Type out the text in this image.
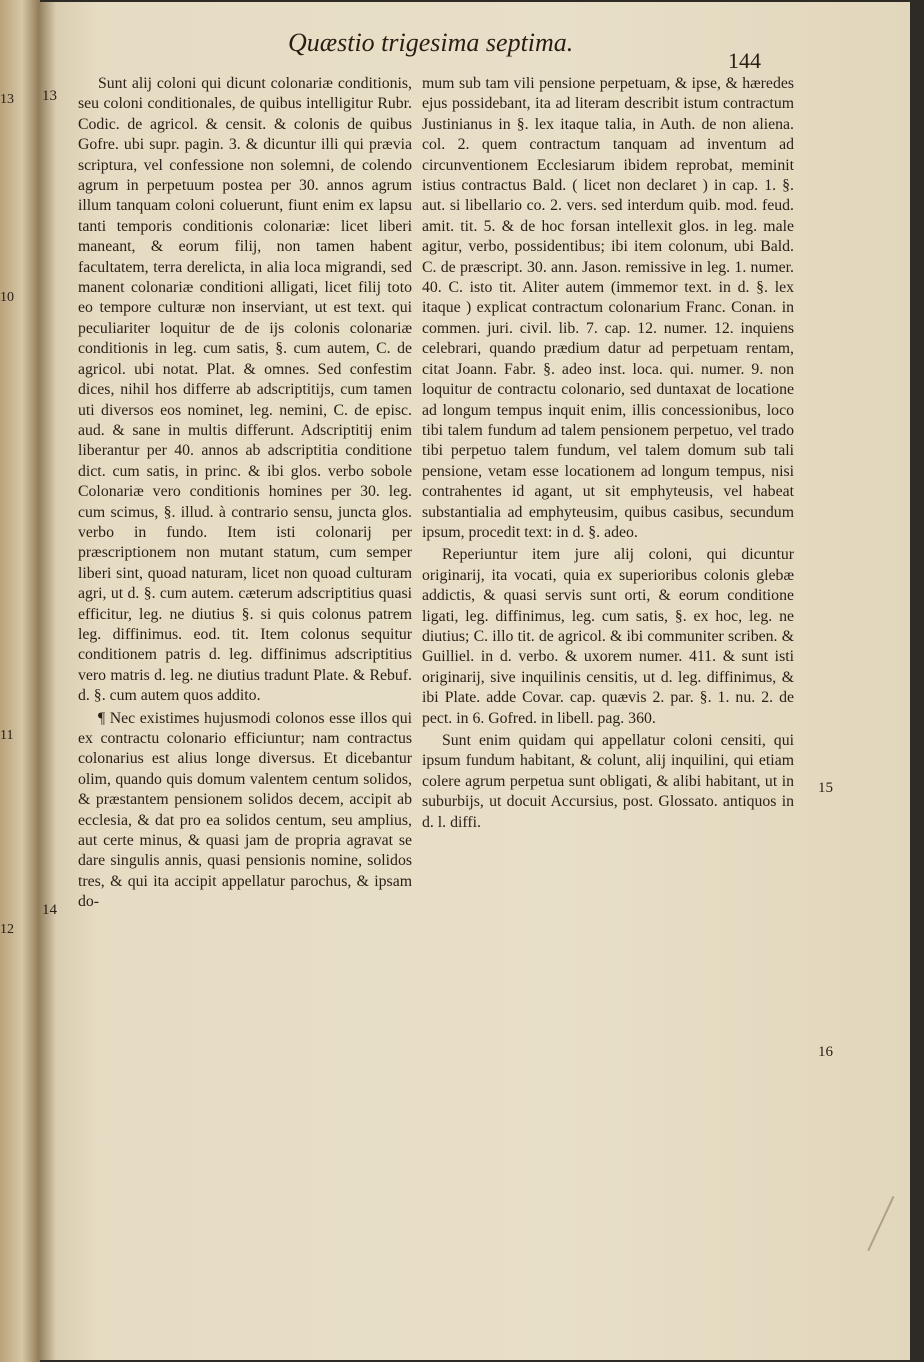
13
10
11
12
Quæstio trigesima septima.
144
13
14
15
16

Sunt alij coloni qui dicunt colonariæ conditionis, seu coloni conditionales, de quibus intelligitur Rubr. Codic. de agricol. & censit. & colonis de quibus Gofre. ubi supr. pagin. 3. & dicuntur illi qui prævia scriptura, vel confessione non solemni, de colendo agrum in perpetuum postea per 30. annos agrum illum tanquam coloni coluerunt, fiunt enim ex lapsu tanti temporis conditionis colonariæ: licet liberi maneant, & eorum filij, non tamen habent facultatem, terra derelicta, in alia loca migrandi, sed manent colonariæ conditioni alligati, licet filij toto eo tempore culturæ non inserviant, ut est text. qui peculiariter loquitur de de ijs colonis colonariæ conditionis in leg. cum satis, §. cum autem, C. de agricol. ubi notat. Plat. & omnes. Sed confestim dices, nihil hos differre ab adscriptitijs, cum tamen uti diversos eos nominet, leg. nemini, C. de episc. aud. & sane in multis differunt. Adscriptitij enim liberantur per 40. annos ab adscriptitia conditione dict. cum satis, in princ. & ibi glos. verbo sobole Colonariæ vero conditionis homines per 30. leg. cum scimus, §. illud. à contrario sensu, juncta glos. verbo in fundo. Item isti colonarij per præscriptionem non mutant statum, cum semper liberi sint, quoad naturam, licet non quoad culturam agri, ut d. §. cum autem. cæterum adscriptitius quasi efficitur, leg. ne diutius §. si quis colonus patrem leg. diffinimus. eod. tit. Item colonus sequitur conditionem patris d. leg. diffinimus adscriptitius vero matris d. leg. ne diutius tradunt Plate. & Rebuf. d. §. cum autem quos addito.

¶ Nec existimes hujusmodi colonos esse illos qui ex contractu colonario efficiuntur; nam contractus colonarius est alius longe diversus. Et dicebantur olim, quando quis domum valentem centum solidos, & præstantem pensionem solidos decem, accipit ab ecclesia, & dat pro ea solidos centum, seu amplius, aut certe minus, & quasi jam de propria agravat se dare singulis annis, quasi pensionis nomine, solidos tres, & qui ita accipit appellatur parochus, & ipsam do-

mum sub tam vili pensione perpetuam, & ipse, & hæredes ejus possidebant, ita ad literam describit istum contractum Justinianus in §. lex itaque talia, in Auth. de non aliena. col. 2. quem contractum tanquam ad inventum ad circunventionem Ecclesiarum ibidem reprobat, meminit istius contractus Bald. ( licet non declaret ) in cap. 1. §. aut. si libellario co. 2. vers. sed interdum quib. mod. feud. amit. tit. 5. & de hoc forsan intellexit glos. in leg. male agitur, verbo, possidentibus; ibi item colonum, ubi Bald. C. de præscript. 30. ann. Jason. remissive in leg. 1. numer. 40. C. isto tit. Aliter autem (immemor text. in d. §. lex itaque ) explicat contractum colonarium Franc. Conan. in commen. juri. civil. lib. 7. cap. 12. numer. 12. inquiens celebrari, quando prædium datur ad perpetuam rentam, citat Joann. Fabr. §. adeo inst. loca. qui. numer. 9. non loquitur de contractu colonario, sed duntaxat de locatione ad longum tempus inquit enim, illis concessionibus, loco tibi talem fundum ad talem pensionem perpetuo, vel trado tibi perpetuo talem fundum, vel talem domum sub tali pensione, vetam esse locationem ad longum tempus, nisi contrahentes id agant, ut sit emphyteusis, vel habeat substantialia ad emphyteusim, quibus casibus, secundum ipsum, procedit text: in d. §. adeo.

Reperiuntur item jure alij coloni, qui dicuntur originarij, ita vocati, quia ex superioribus colonis glebæ addictis, & quasi servis sunt orti, & eorum conditione ligati, leg. diffinimus, leg. cum satis, §. ex hoc, leg. ne diutius; C. illo tit. de agricol. & ibi communiter scriben. & Guilliel. in d. verbo. & uxorem numer. 411. & sunt isti originarij, sive inquilinis censitis, ut d. leg. diffinimus, & ibi Plate. adde Covar. cap. quævis 2. par. §. 1. nu. 2. de pect. in 6. Gofred. in libell. pag. 360.

Sunt enim quidam qui appellatur coloni censiti, qui ipsum fundum habitant, & colunt, alij inquilini, qui etiam colere agrum perpetua sunt obligati, & alibi habitant, ut in suburbijs, ut docuit Accursius, post. Glossato. antiquos in d. l. diffi.
